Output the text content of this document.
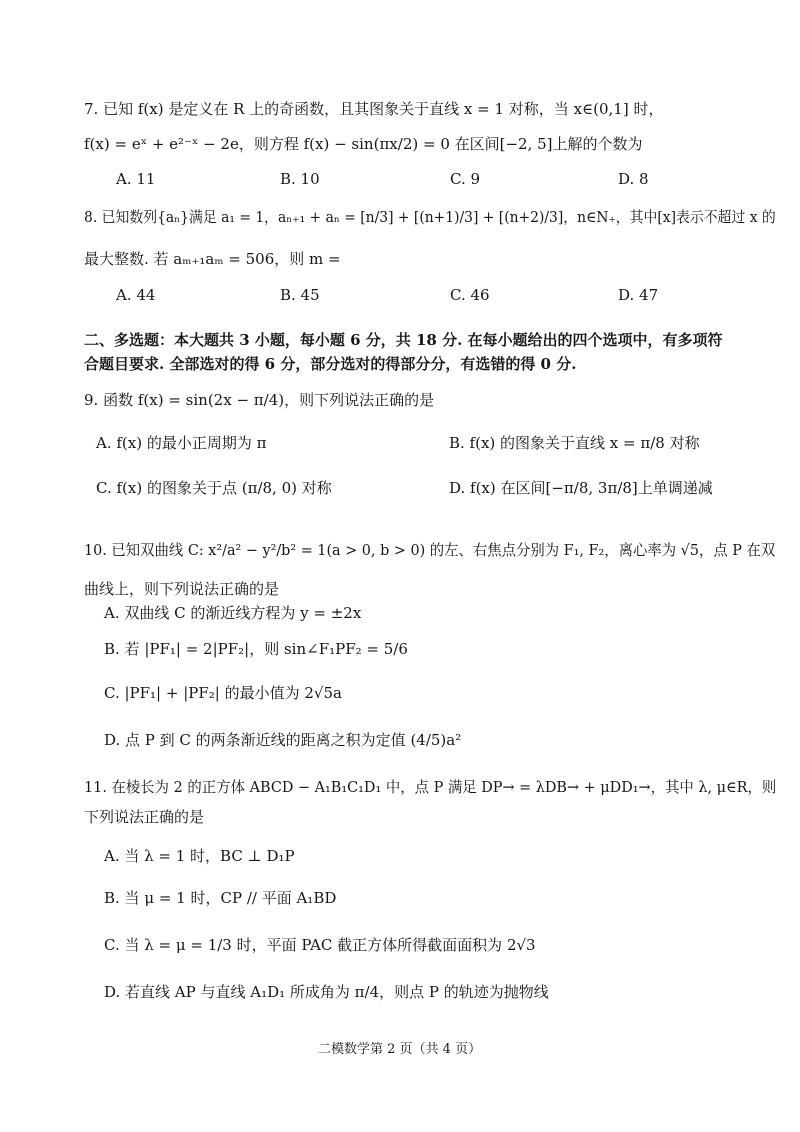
7. 已知 f(x) 是定义在 R 上的奇函数，且其图象关于直线 x = 1 对称，当 x∈(0,1] 时，
f(x) = eˣ + e²⁻ˣ − 2e，则方程 f(x) − sin(πx/2) = 0 在区间[−2, 5]上解的个数为
A. 11	B. 10	C. 9	D. 8
8. 已知数列{aₙ}满足 a₁ = 1，aₙ₊₁ + aₙ = [n/3] + [(n+1)/3] + [(n+2)/3]，n∈N₊，其中[x]表示不超过 x 的
最大整数. 若 aₘ₊₁aₘ = 506，则 m =
A. 44	B. 45	C. 46	D. 47
二、多选题：本大题共 3 小题，每小题 6 分，共 18 分. 在每小题给出的四个选项中，有多项符
合题目要求. 全部选对的得 6 分，部分选对的得部分分，有选错的得 0 分.
9. 函数 f(x) = sin(2x − π/4)，则下列说法正确的是
A. f(x) 的最小正周期为 π	B. f(x) 的图象关于直线 x = π/8 对称
C. f(x) 的图象关于点 (π/8, 0) 对称	D. f(x) 在区间[−π/8, 3π/8]上单调递减
10. 已知双曲线 C: x²/a² − y²/b² = 1(a > 0, b > 0) 的左、右焦点分别为 F₁, F₂，离心率为 √5，点 P 在双
曲线上，则下列说法正确的是
A. 双曲线 C 的渐近线方程为 y = ±2x
B. 若 |PF₁| = 2|PF₂|，则 sin∠F₁PF₂ = 5/6
C. |PF₁| + |PF₂| 的最小值为 2√5a
D. 点 P 到 C 的两条渐近线的距离之积为定值 (4/5)a²
11. 在棱长为 2 的正方体 ABCD − A₁B₁C₁D₁ 中，点 P 满足 DP→ = λDB→ + μDD₁→，其中 λ, μ∈R，则
下列说法正确的是
A. 当 λ = 1 时，BC ⊥ D₁P
B. 当 μ = 1 时，CP // 平面 A₁BD
C. 当 λ = μ = 1/3 时，平面 PAC 截正方体所得截面面积为 2√3
D. 若直线 AP 与直线 A₁D₁ 所成角为 π/4，则点 P 的轨迹为抛物线
二模数学第 2 页（共 4 页）
